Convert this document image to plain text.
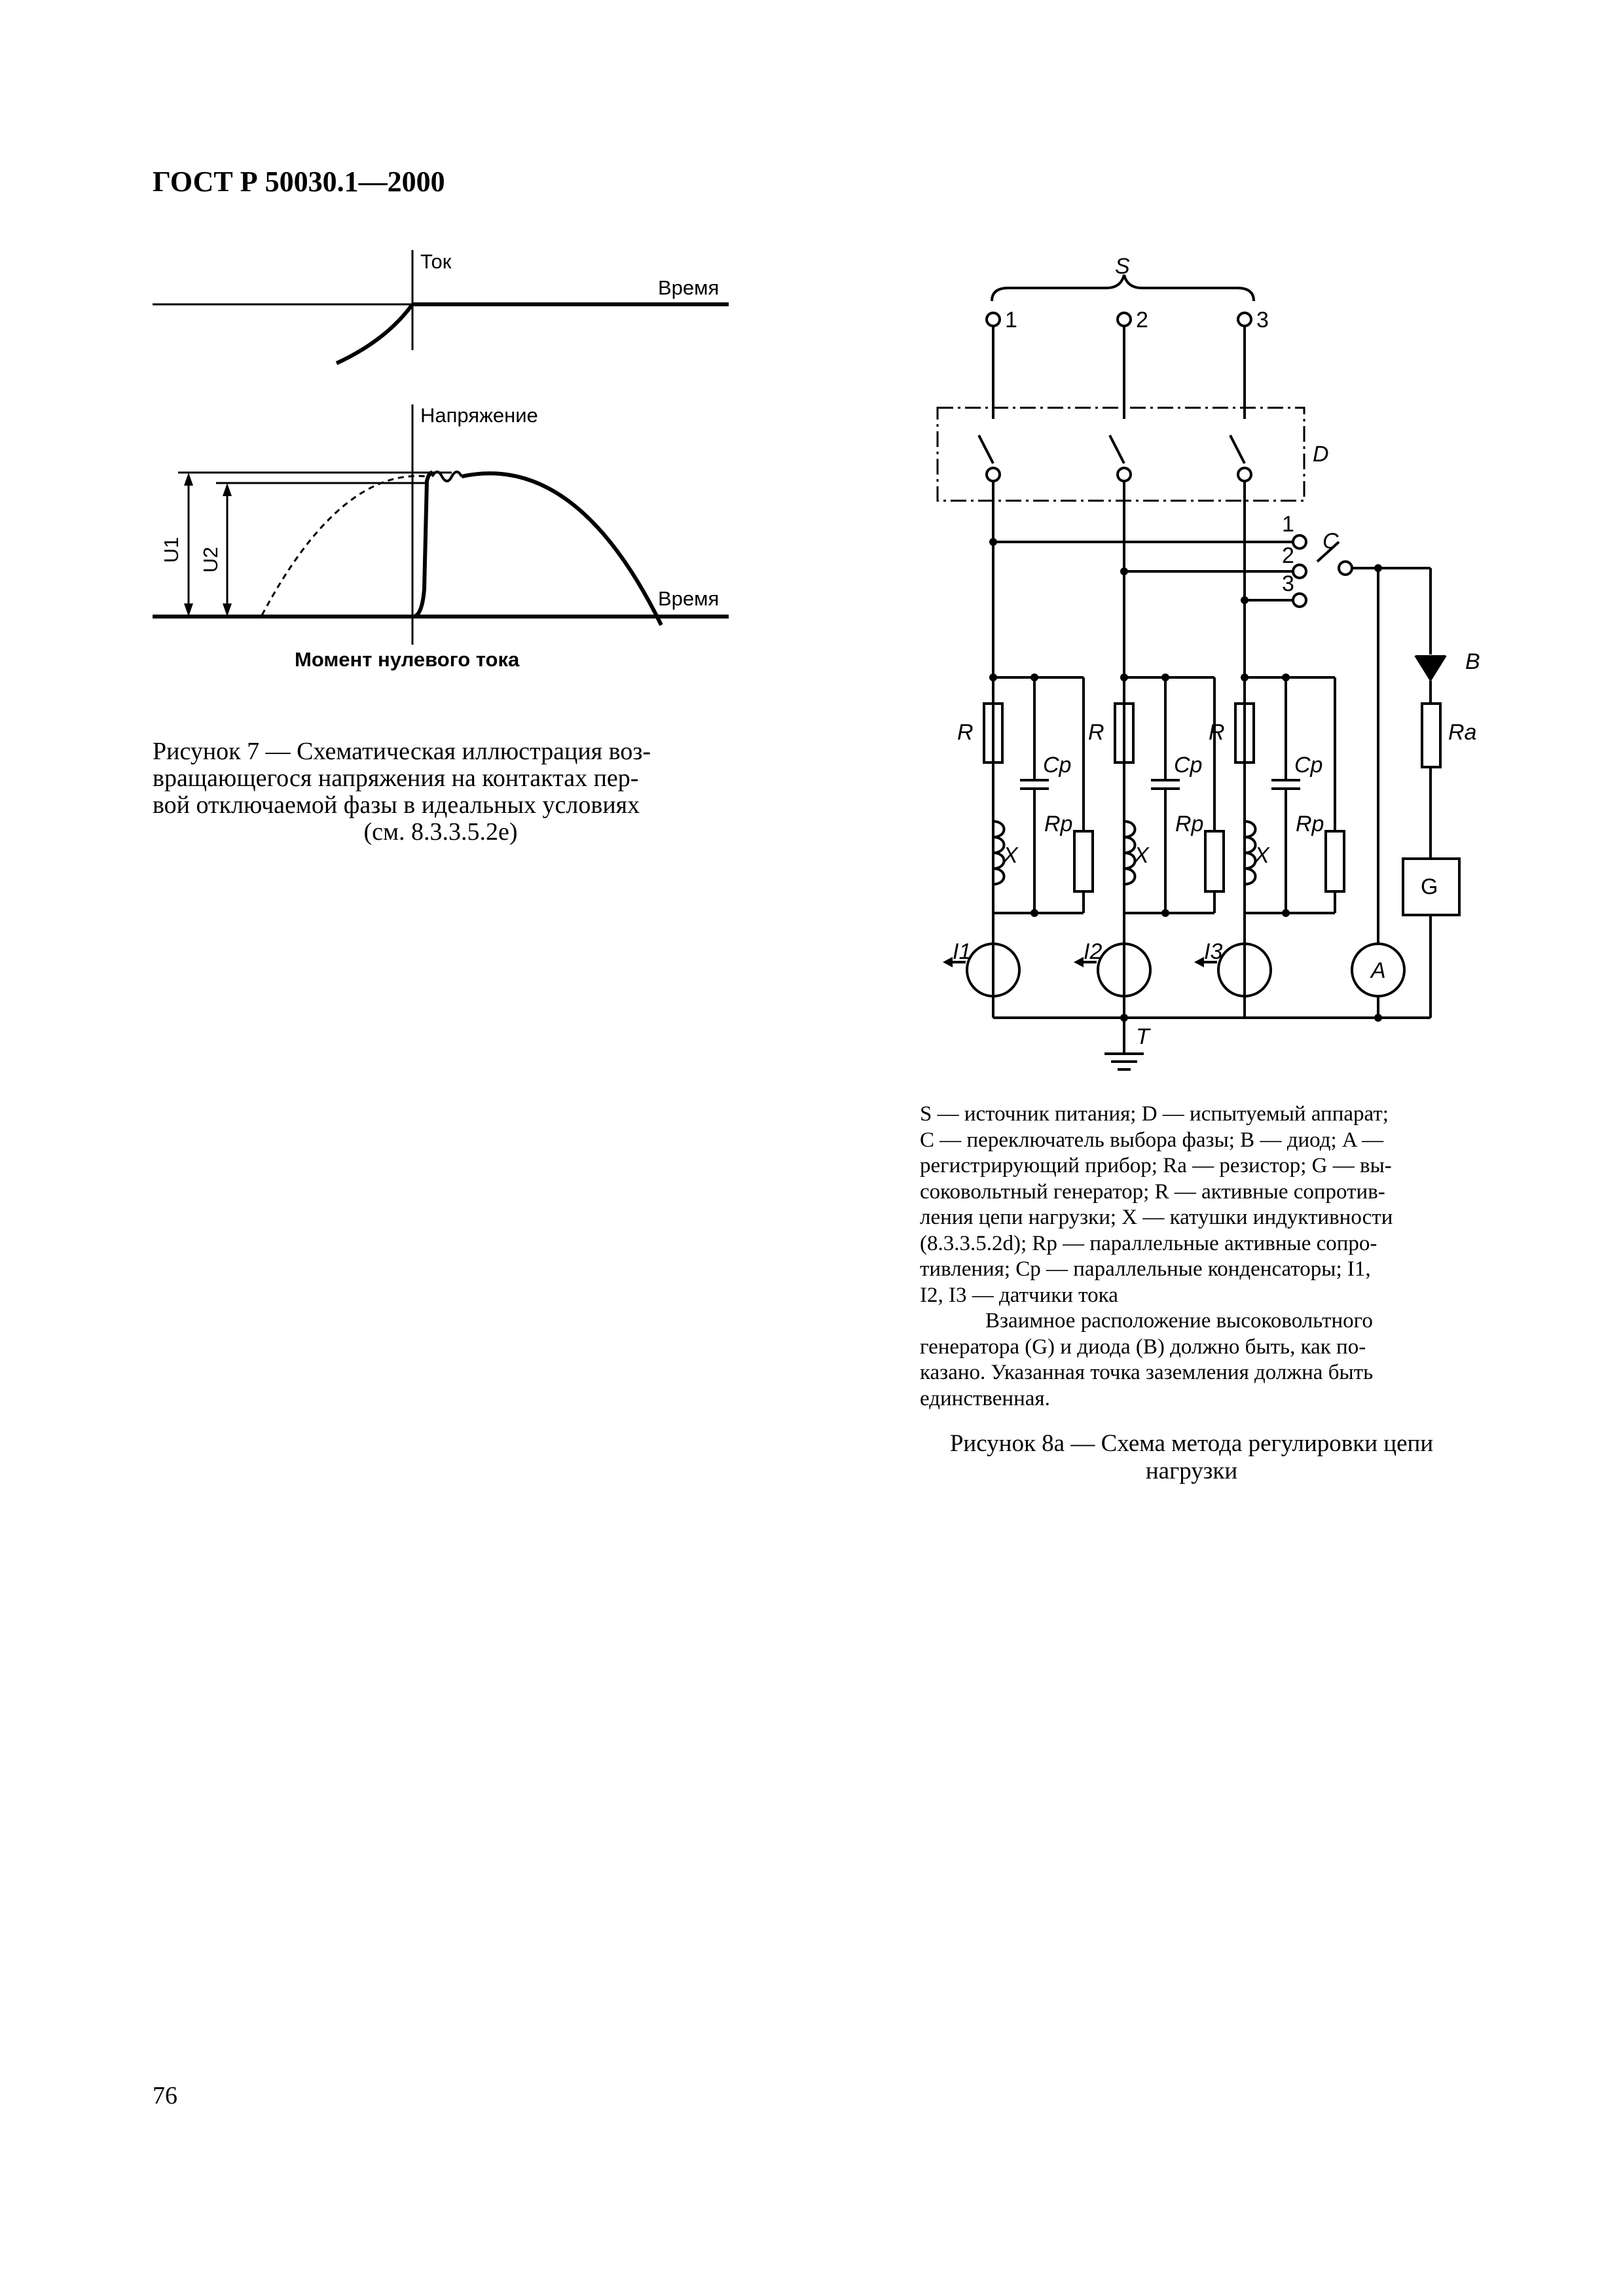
ГОСТ Р 50030.1—2000
Ток
Время
Напряжение
Время
U1 U2
Момент нулевого тока
Рисунок 7 — Схематическая иллюстрация воз-
вращающегося напряжения на контактах пер-
вой отключаемой фазы в идеальных условиях
(см. 8.3.3.5.2е)
S
1	2	3
D
1
2
3
C
B
Ra
G
A
T
R
Cp
Rp
X
I1
R
Cp
Rp
X
I2
R
Cp
Rp
X
I3
S — источник питания; D — испытуемый аппарат;
C — переключатель выбора фазы; B — диод; A —
регистрирующий прибор; Ra — резистор; G — вы-
соковольтный генератор; R — активные сопротив-
ления цепи нагрузки; X — катушки индуктивности
(8.3.3.5.2d); Rp — параллельные активные сопро-
тивления; Cp — параллельные конденсаторы; I1,
I2, I3 — датчики тока
Взаимное расположение высоковольтного
генератора (G) и диода (B) должно быть, как по-
казано. Указанная точка заземления должна быть
единственная.
Рисунок 8а — Схема метода регулировки цепи
нагрузки
76
